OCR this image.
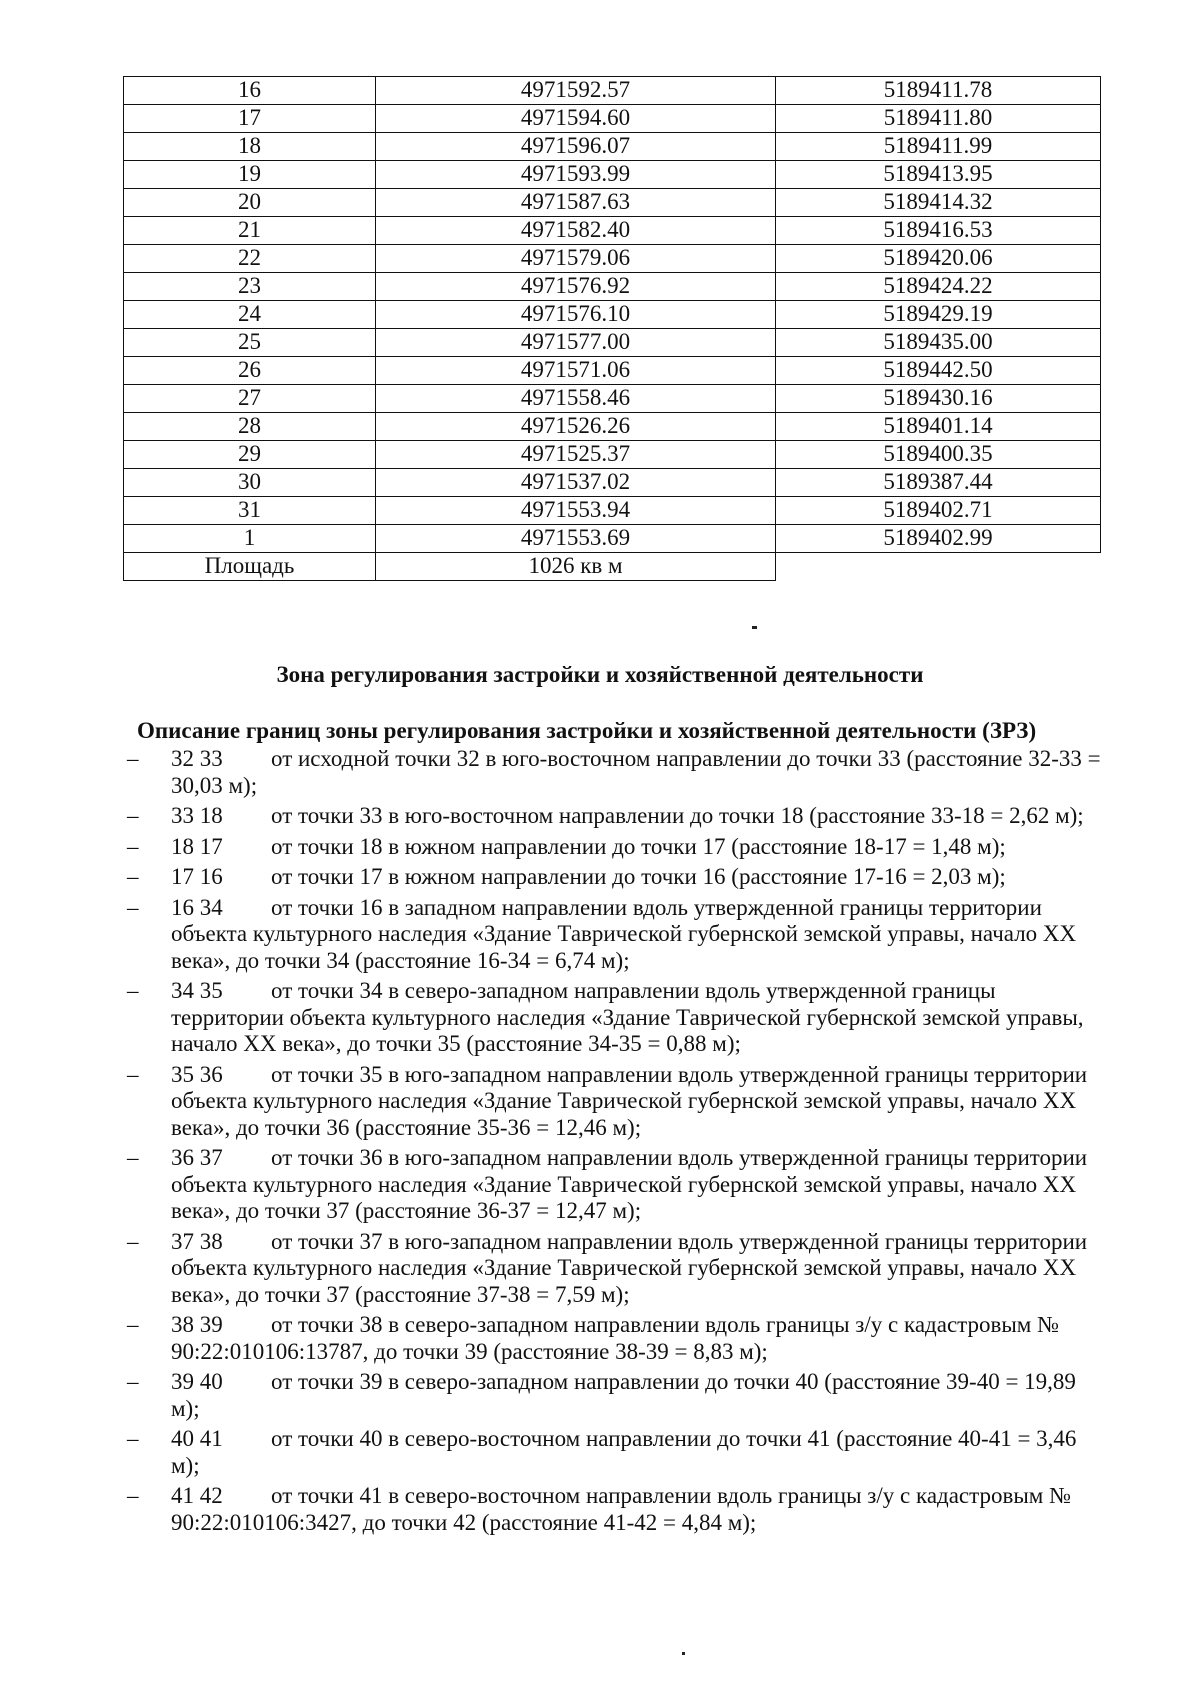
16	4971592.57	5189411.78
17	4971594.60	5189411.80
18	4971596.07	5189411.99
19	4971593.99	5189413.95
20	4971587.63	5189414.32
21	4971582.40	5189416.53
22	4971579.06	5189420.06
23	4971576.92	5189424.22
24	4971576.10	5189429.19
25	4971577.00	5189435.00
26	4971571.06	5189442.50
27	4971558.46	5189430.16
28	4971526.26	5189401.14
29	4971525.37	5189400.35
30	4971537.02	5189387.44
31	4971553.94	5189402.71
1	4971553.69	5189402.99
Площадь	1026 кв м	
Зона регулирования застройки и хозяйственной деятельности
Описание границ зоны регулирования застройки и хозяйственной деятельности (ЗРЗ)
– 32 33 от исходной точки 32 в юго-восточном направлении до точки 33 (расстояние 32-33 = 30,03 м);
– 33 18 от точки 33 в юго-восточном направлении до точки 18 (расстояние 33-18 = 2,62 м);
– 18 17 от точки 18 в южном направлении до точки 17 (расстояние 18-17 = 1,48 м);
– 17 16 от точки 17 в южном направлении до точки 16 (расстояние 17-16 = 2,03 м);
– 16 34 от точки 16 в западном направлении вдоль утвержденной границы территории объекта культурного наследия «Здание Таврической губернской земской управы, начало XX века», до точки 34 (расстояние 16-34 = 6,74 м);
– 34 35 от точки 34 в северо-западном направлении вдоль утвержденной границы территории объекта культурного наследия «Здание Таврической губернской земской управы, начало XX века», до точки 35 (расстояние 34-35 = 0,88 м);
– 35 36 от точки 35 в юго-западном направлении вдоль утвержденной границы территории объекта культурного наследия «Здание Таврической губернской земской управы, начало XX века», до точки 36 (расстояние 35-36 = 12,46 м);
– 36 37 от точки 36 в юго-западном направлении вдоль утвержденной границы территории объекта культурного наследия «Здание Таврической губернской земской управы, начало XX века», до точки 37 (расстояние 36-37 = 12,47 м);
– 37 38 от точки 37 в юго-западном направлении вдоль утвержденной границы территории объекта культурного наследия «Здание Таврической губернской земской управы, начало XX века», до точки 37 (расстояние 37-38 = 7,59 м);
– 38 39 от точки 38 в северо-западном направлении вдоль границы з/у с кадастровым № 90:22:010106:13787, до точки 39 (расстояние 38-39 = 8,83 м);
– 39 40 от точки 39 в северо-западном направлении до точки 40 (расстояние 39-40 = 19,89 м);
– 40 41 от точки 40 в северо-восточном направлении до точки 41 (расстояние 40-41 = 3,46 м);
– 41 42 от точки 41 в северо-восточном направлении вдоль границы з/у с кадастровым № 90:22:010106:3427, до точки 42 (расстояние 41-42 = 4,84 м);
